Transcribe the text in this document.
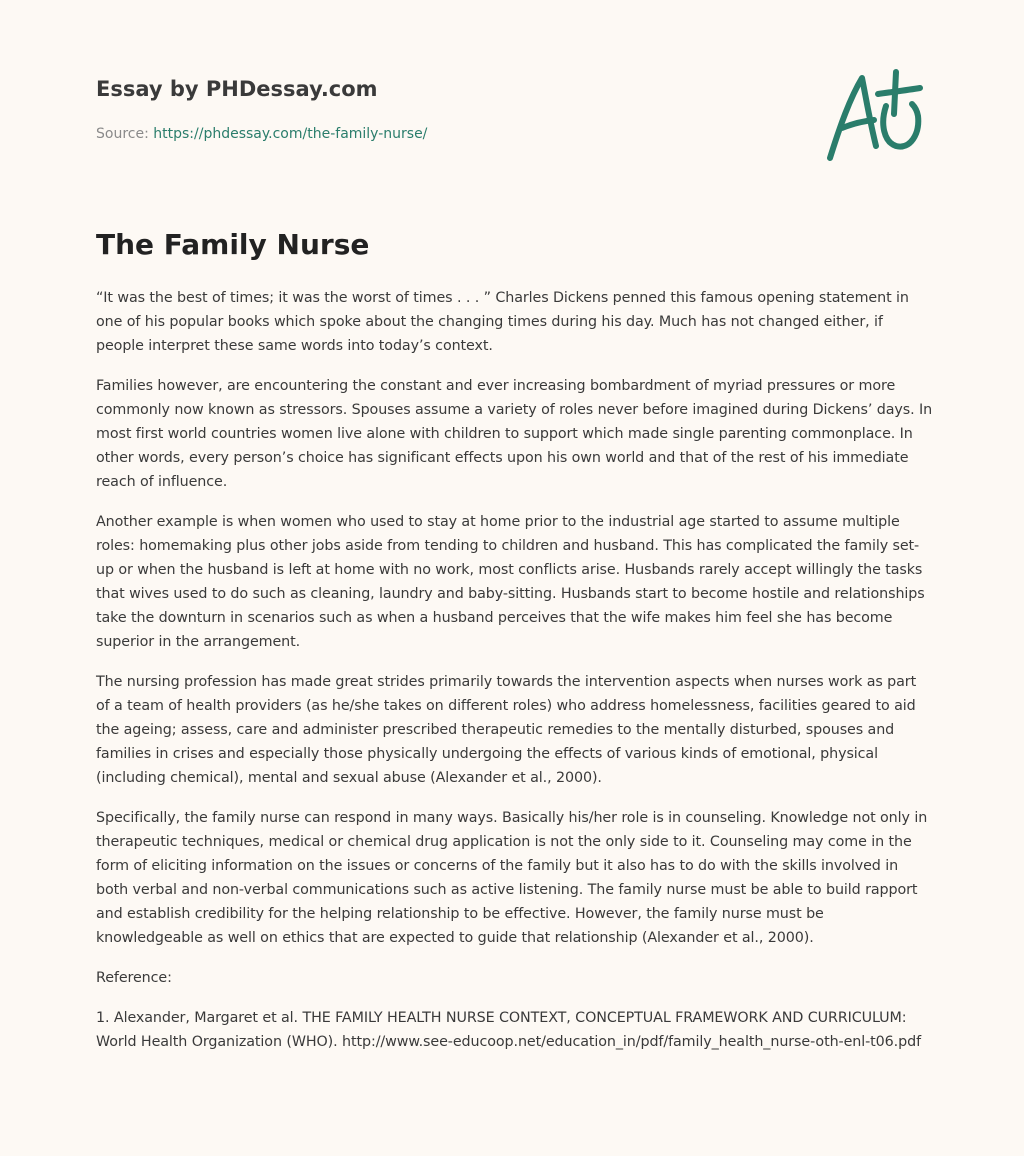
Essay by PHDessay.com
Source: https://phdessay.com/the-family-nurse/
The Family Nurse

“It was the best of times; it was the worst of times . . . ” Charles Dickens penned this famous opening statement in one of his popular books which spoke about the changing times during his day. Much has not changed either, if people interpret these same words into today’s context.

Families however, are encountering the constant and ever increasing bombardment of myriad pressures or more commonly now known as stressors. Spouses assume a variety of roles never before imagined during Dickens’ days. In most first world countries women live alone with children to support which made single parenting commonplace. In other words, every person’s choice has significant effects upon his own world and that of the rest of his immediate reach of influence.

Another example is when women who used to stay at home prior to the industrial age started to assume multiple roles: homemaking plus other jobs aside from tending to children and husband. This has complicated the family set-up or when the husband is left at home with no work, most conflicts arise. Husbands rarely accept willingly the tasks that wives used to do such as cleaning, laundry and baby-sitting. Husbands start to become hostile and relationships take the downturn in scenarios such as when a husband perceives that the wife makes him feel she has become superior in the arrangement.

The nursing profession has made great strides primarily towards the intervention aspects when nurses work as part of a team of health providers (as he/she takes on different roles) who address homelessness, facilities geared to aid the ageing; assess, care and administer prescribed therapeutic remedies to the mentally disturbed, spouses and families in crises and especially those physically undergoing the effects of various kinds of emotional, physical (including chemical), mental and sexual abuse (Alexander et al., 2000).

Specifically, the family nurse can respond in many ways. Basically his/her role is in counseling. Knowledge not only in therapeutic techniques, medical or chemical drug application is not the only side to it. Counseling may come in the form of eliciting information on the issues or concerns of the family but it also has to do with the skills involved in both verbal and non-verbal communications such as active listening. The family nurse must be able to build rapport and establish credibility for the helping relationship to be effective. However, the family nurse must be knowledgeable as well on ethics that are expected to guide that relationship (Alexander et al., 2000).

Reference:

1. Alexander, Margaret et al. THE FAMILY HEALTH NURSE CONTEXT, CONCEPTUAL FRAMEWORK AND CURRICULUM: World Health Organization (WHO). http://www.see-educoop.net/education_in/pdf/family_health_nurse-oth-enl-t06.pdf
